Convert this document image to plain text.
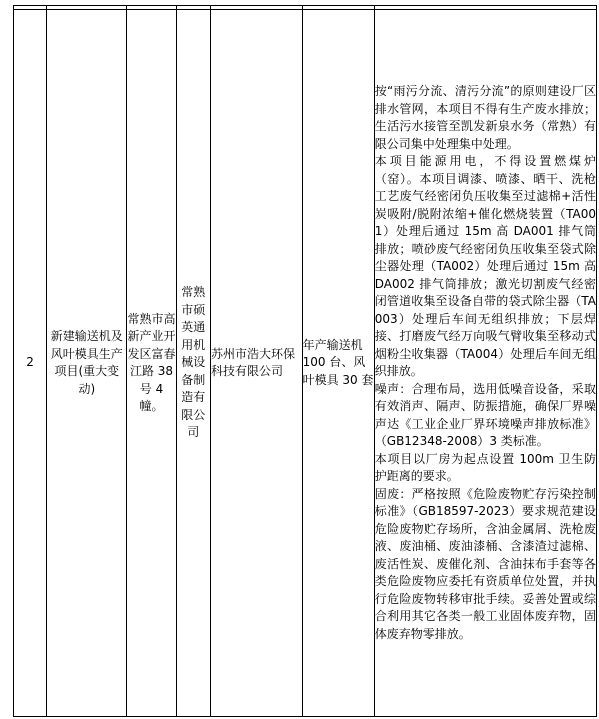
2	新建输送机及风叶模具生产项目(重大变动)	常熟市高新产业开发区富春江路 38 号 4 幢。	常熟市硕英通用机械设备制造有限公司	苏州市浩大环保科技有限公司	年产输送机 100 台、风叶模具 30 套	按“雨污分流、清污分流”的原则建设厂区排水管网，本项目不得有生产废水排放；生活污水接管至凯发新泉水务（常熟）有限公司集中处理集中处理。

本项目能源用电，不得设置燃煤炉（窑）。本项目调漆、喷漆、晒干、洗枪工艺废气经密闭负压收集至过滤棉+活性炭吸附/脱附浓缩+催化燃烧装置（TA001）处理后通过 15m 高 DA001 排气筒排放；喷砂废气经密闭负压收集至袋式除尘器处理（TA002）处理后通过 15m 高 DA002 排气筒排放；激光切割废气经密闭管道收集至设备自带的袋式除尘器（TA003）处理后车间无组织排放；下层焊接、打磨废气经万向吸气臂收集至移动式烟粉尘收集器（TA004）处理后车间无组织排放。

噪声：合理布局，选用低噪音设备，采取有效消声、隔声、防振措施，确保厂界噪声达《工业企业厂界环境噪声排放标准》（GB12348-2008）3 类标准。

本项目以厂房为起点设置 100m 卫生防护距离的要求。

固废：严格按照《危险废物贮存污染控制标准》（GB18597-2023）要求规范建设危险废物贮存场所，含油金属屑、洗枪废液、废油桶、废油漆桶、含漆渣过滤棉、废活性炭、废催化剂、含油抹布手套等各类危险废物应委托有资质单位处置，并执行危险废物转移审批手续。妥善处置或综合利用其它各类一般工业固体废弃物，固体废弃物零排放。
